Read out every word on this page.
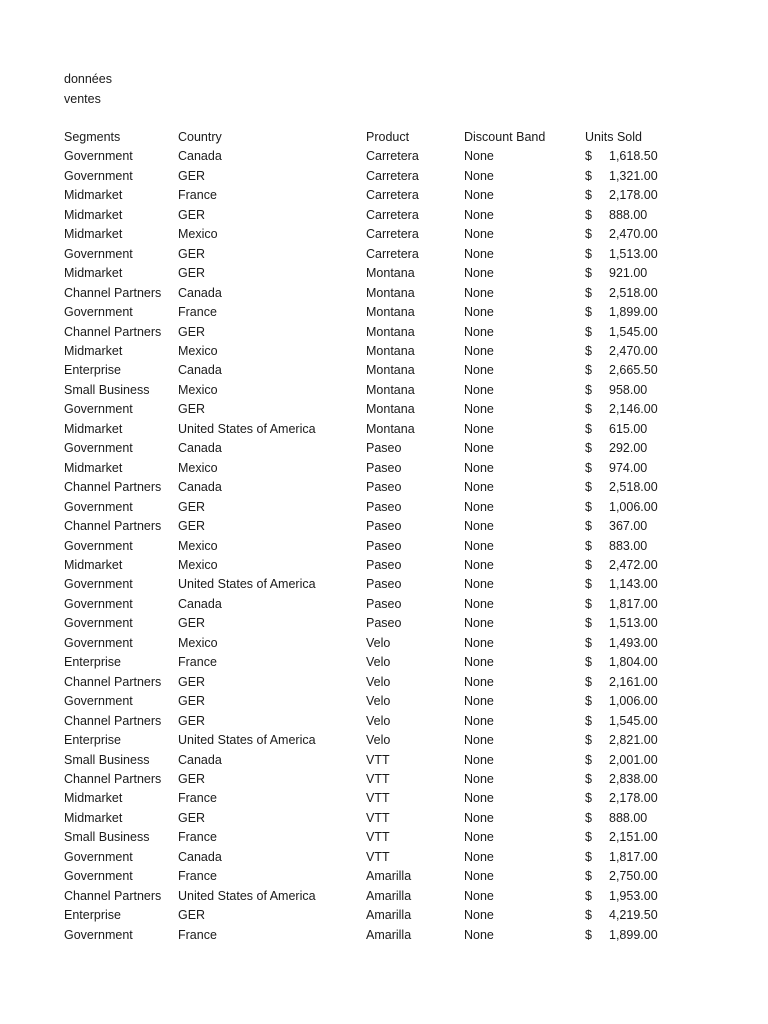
données
ventes
Segments	Country	Product	Discount Band	Units Sold	
Government	Canada	Carretera	None	$	1,618.50
Government	GER	Carretera	None	$	1,321.00
Midmarket	France	Carretera	None	$	2,178.00
Midmarket	GER	Carretera	None	$	888.00
Midmarket	Mexico	Carretera	None	$	2,470.00
Government	GER	Carretera	None	$	1,513.00
Midmarket	GER	Montana	None	$	921.00
Channel Partners	Canada	Montana	None	$	2,518.00
Government	France	Montana	None	$	1,899.00
Channel Partners	GER	Montana	None	$	1,545.00
Midmarket	Mexico	Montana	None	$	2,470.00
Enterprise	Canada	Montana	None	$	2,665.50
Small Business	Mexico	Montana	None	$	958.00
Government	GER	Montana	None	$	2,146.00
Midmarket	United States of America	Montana	None	$	615.00
Government	Canada	Paseo	None	$	292.00
Midmarket	Mexico	Paseo	None	$	974.00
Channel Partners	Canada	Paseo	None	$	2,518.00
Government	GER	Paseo	None	$	1,006.00
Channel Partners	GER	Paseo	None	$	367.00
Government	Mexico	Paseo	None	$	883.00
Midmarket	Mexico	Paseo	None	$	2,472.00
Government	United States of America	Paseo	None	$	1,143.00
Government	Canada	Paseo	None	$	1,817.00
Government	GER	Paseo	None	$	1,513.00
Government	Mexico	Velo	None	$	1,493.00
Enterprise	France	Velo	None	$	1,804.00
Channel Partners	GER	Velo	None	$	2,161.00
Government	GER	Velo	None	$	1,006.00
Channel Partners	GER	Velo	None	$	1,545.00
Enterprise	United States of America	Velo	None	$	2,821.00
Small Business	Canada	VTT	None	$	2,001.00
Channel Partners	GER	VTT	None	$	2,838.00
Midmarket	France	VTT	None	$	2,178.00
Midmarket	GER	VTT	None	$	888.00
Small Business	France	VTT	None	$	2,151.00
Government	Canada	VTT	None	$	1,817.00
Government	France	Amarilla	None	$	2,750.00
Channel Partners	United States of America	Amarilla	None	$	1,953.00
Enterprise	GER	Amarilla	None	$	4,219.50
Government	France	Amarilla	None	$	1,899.00
